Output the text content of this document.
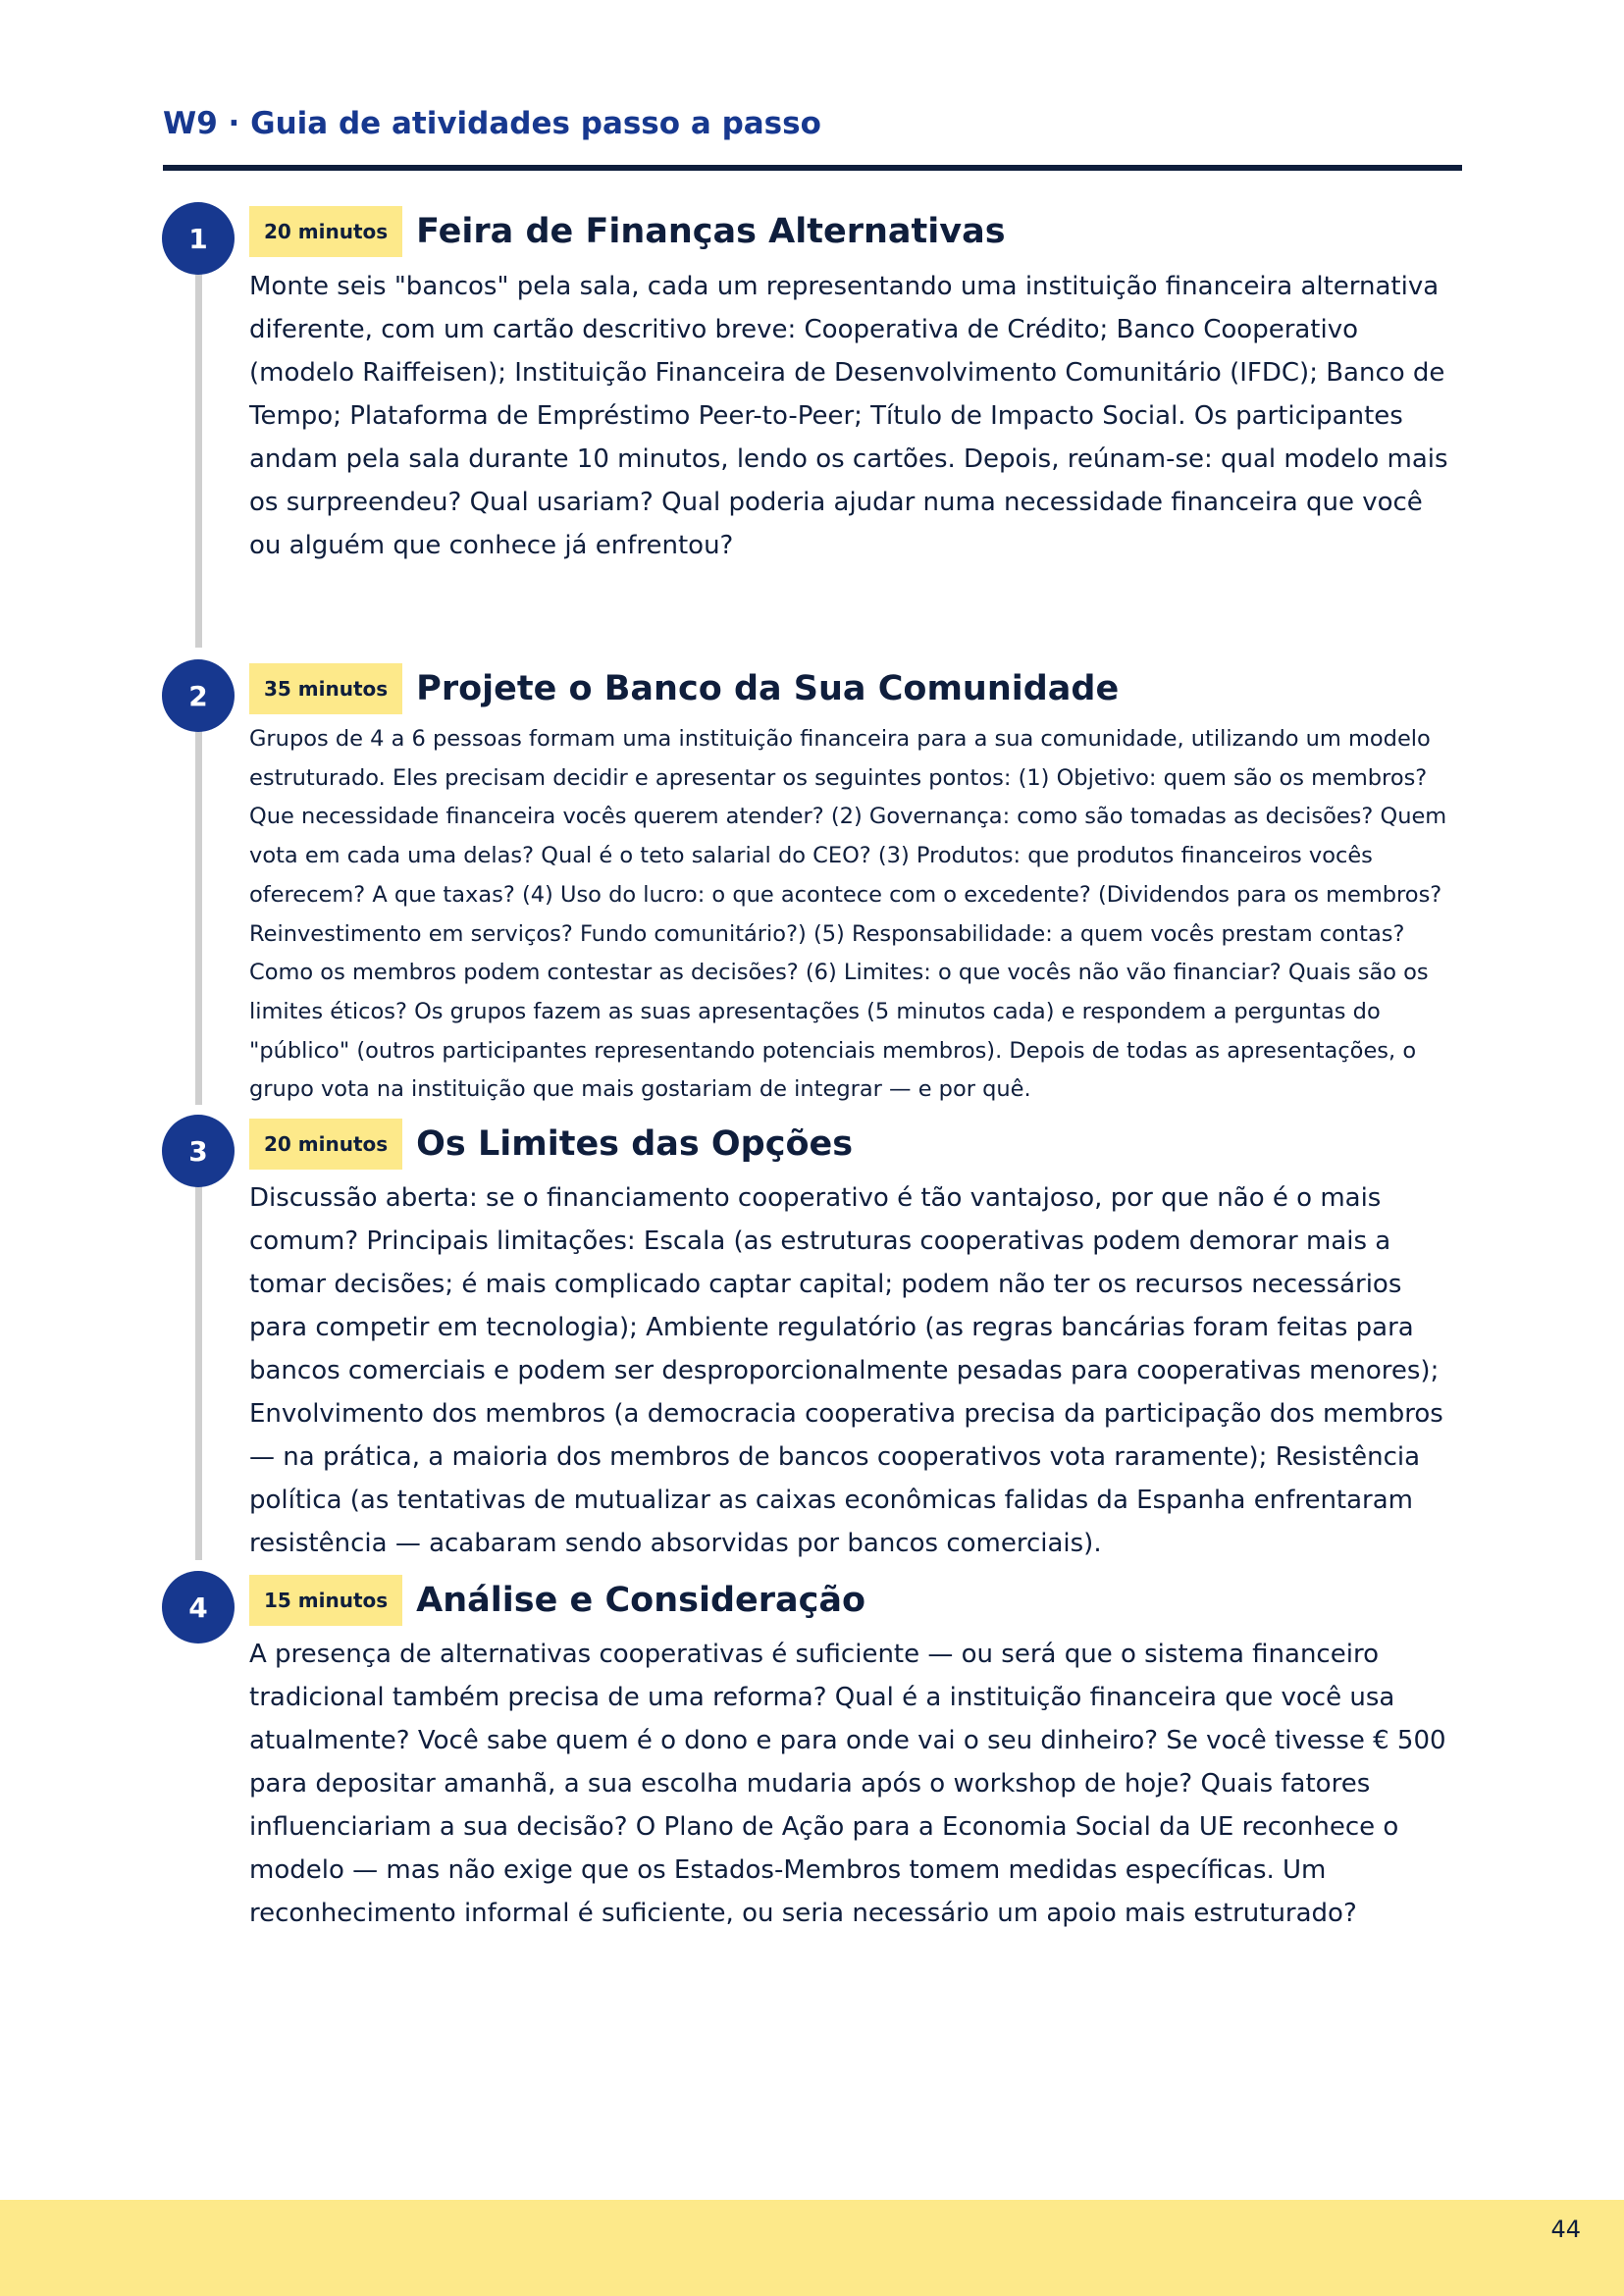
W9 · Guia de atividades passo a passo
1	20 minutos Feira de Finanças Alternativas

Monte seis "bancos" pela sala, cada um representando uma instituição financeira alternativa diferente, com um cartão descritivo breve: Cooperativa de Crédito; Banco Cooperativo (modelo Raiffeisen); Instituição Financeira de Desenvolvimento Comunitário (IFDC); Banco de Tempo; Plataforma de Empréstimo Peer-to-Peer; Título de Impacto Social. Os participantes andam pela sala durante 10 minutos, lendo os cartões. Depois, reúnam-se: qual modelo mais os surpreendeu? Qual usariam? Qual poderia ajudar numa necessidade financeira que você ou alguém que conhece já enfrentou?

2	35 minutos Projete o Banco da Sua Comunidade

Grupos de 4 a 6 pessoas formam uma instituição financeira para a sua comunidade, utilizando um modelo estruturado. Eles precisam decidir e apresentar os seguintes pontos: (1) Objetivo: quem são os membros? Que necessidade financeira vocês querem atender? (2) Governança: como são tomadas as decisões? Quem vota em cada uma delas? Qual é o teto salarial do CEO? (3) Produtos: que produtos financeiros vocês oferecem? A que taxas? (4) Uso do lucro: o que acontece com o excedente? (Dividendos para os membros? Reinvestimento em serviços? Fundo comunitário?) (5) Responsabilidade: a quem vocês prestam contas? Como os membros podem contestar as decisões? (6) Limites: o que vocês não vão financiar? Quais são os limites éticos? Os grupos fazem as suas apresentações (5 minutos cada) e respondem a perguntas do "público" (outros participantes representando potenciais membros). Depois de todas as apresentações, o grupo vota na instituição que mais gostariam de integrar — e por quê.

3	20 minutos Os Limites das Opções

Discussão aberta: se o financiamento cooperativo é tão vantajoso, por que não é o mais comum? Principais limitações: Escala (as estruturas cooperativas podem demorar mais a tomar decisões; é mais complicado captar capital; podem não ter os recursos necessários para competir em tecnologia); Ambiente regulatório (as regras bancárias foram feitas para bancos comerciais e podem ser desproporcionalmente pesadas para cooperativas menores); Envolvimento dos membros (a democracia cooperativa precisa da participação dos membros — na prática, a maioria dos membros de bancos cooperativos vota raramente); Resistência política (as tentativas de mutualizar as caixas econômicas falidas da Espanha enfrentaram resistência — acabaram sendo absorvidas por bancos comerciais).

4	15 minutos Análise e Consideração

A presença de alternativas cooperativas é suficiente — ou será que o sistema financeiro tradicional também precisa de uma reforma? Qual é a instituição financeira que você usa atualmente? Você sabe quem é o dono e para onde vai o seu dinheiro? Se você tivesse € 500 para depositar amanhã, a sua escolha mudaria após o workshop de hoje? Quais fatores influenciariam a sua decisão? O Plano de Ação para a Economia Social da UE reconhece o modelo — mas não exige que os Estados-Membros tomem medidas específicas. Um reconhecimento informal é suficiente, ou seria necessário um apoio mais estruturado?

44
